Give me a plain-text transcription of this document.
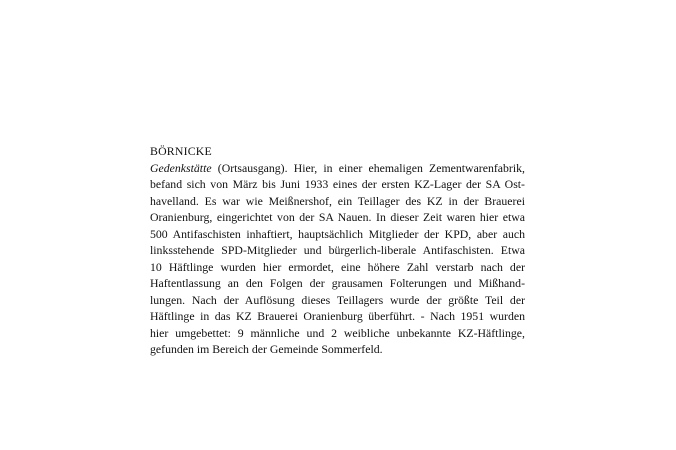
BÖRNICKE
Gedenkstätte (Ortsausgang). Hier, in einer ehemaligen Zementwarenfabrik,
befand sich von März bis Juni 1933 eines der ersten KZ-Lager der SA Ost-
havelland. Es war wie Meißnershof, ein Teillager des KZ in der Brauerei
Oranienburg, eingerichtet von der SA Nauen. In dieser Zeit waren hier etwa
500 Antifaschisten inhaftiert, hauptsächlich Mitglieder der KPD, aber auch
linksstehende SPD-Mitglieder und bürgerlich-liberale Antifaschisten. Etwa
10 Häftlinge wurden hier ermordet, eine höhere Zahl verstarb nach der
Haftentlassung an den Folgen der grausamen Folterungen und Mißhand-
lungen. Nach der Auflösung dieses Teillagers wurde der größte Teil der
Häftlinge in das KZ Brauerei Oranienburg überführt. - Nach 1951 wurden
hier umgebettet: 9 männliche und 2 weibliche unbekannte KZ-Häftlinge,
gefunden im Bereich der Gemeinde Sommerfeld.
